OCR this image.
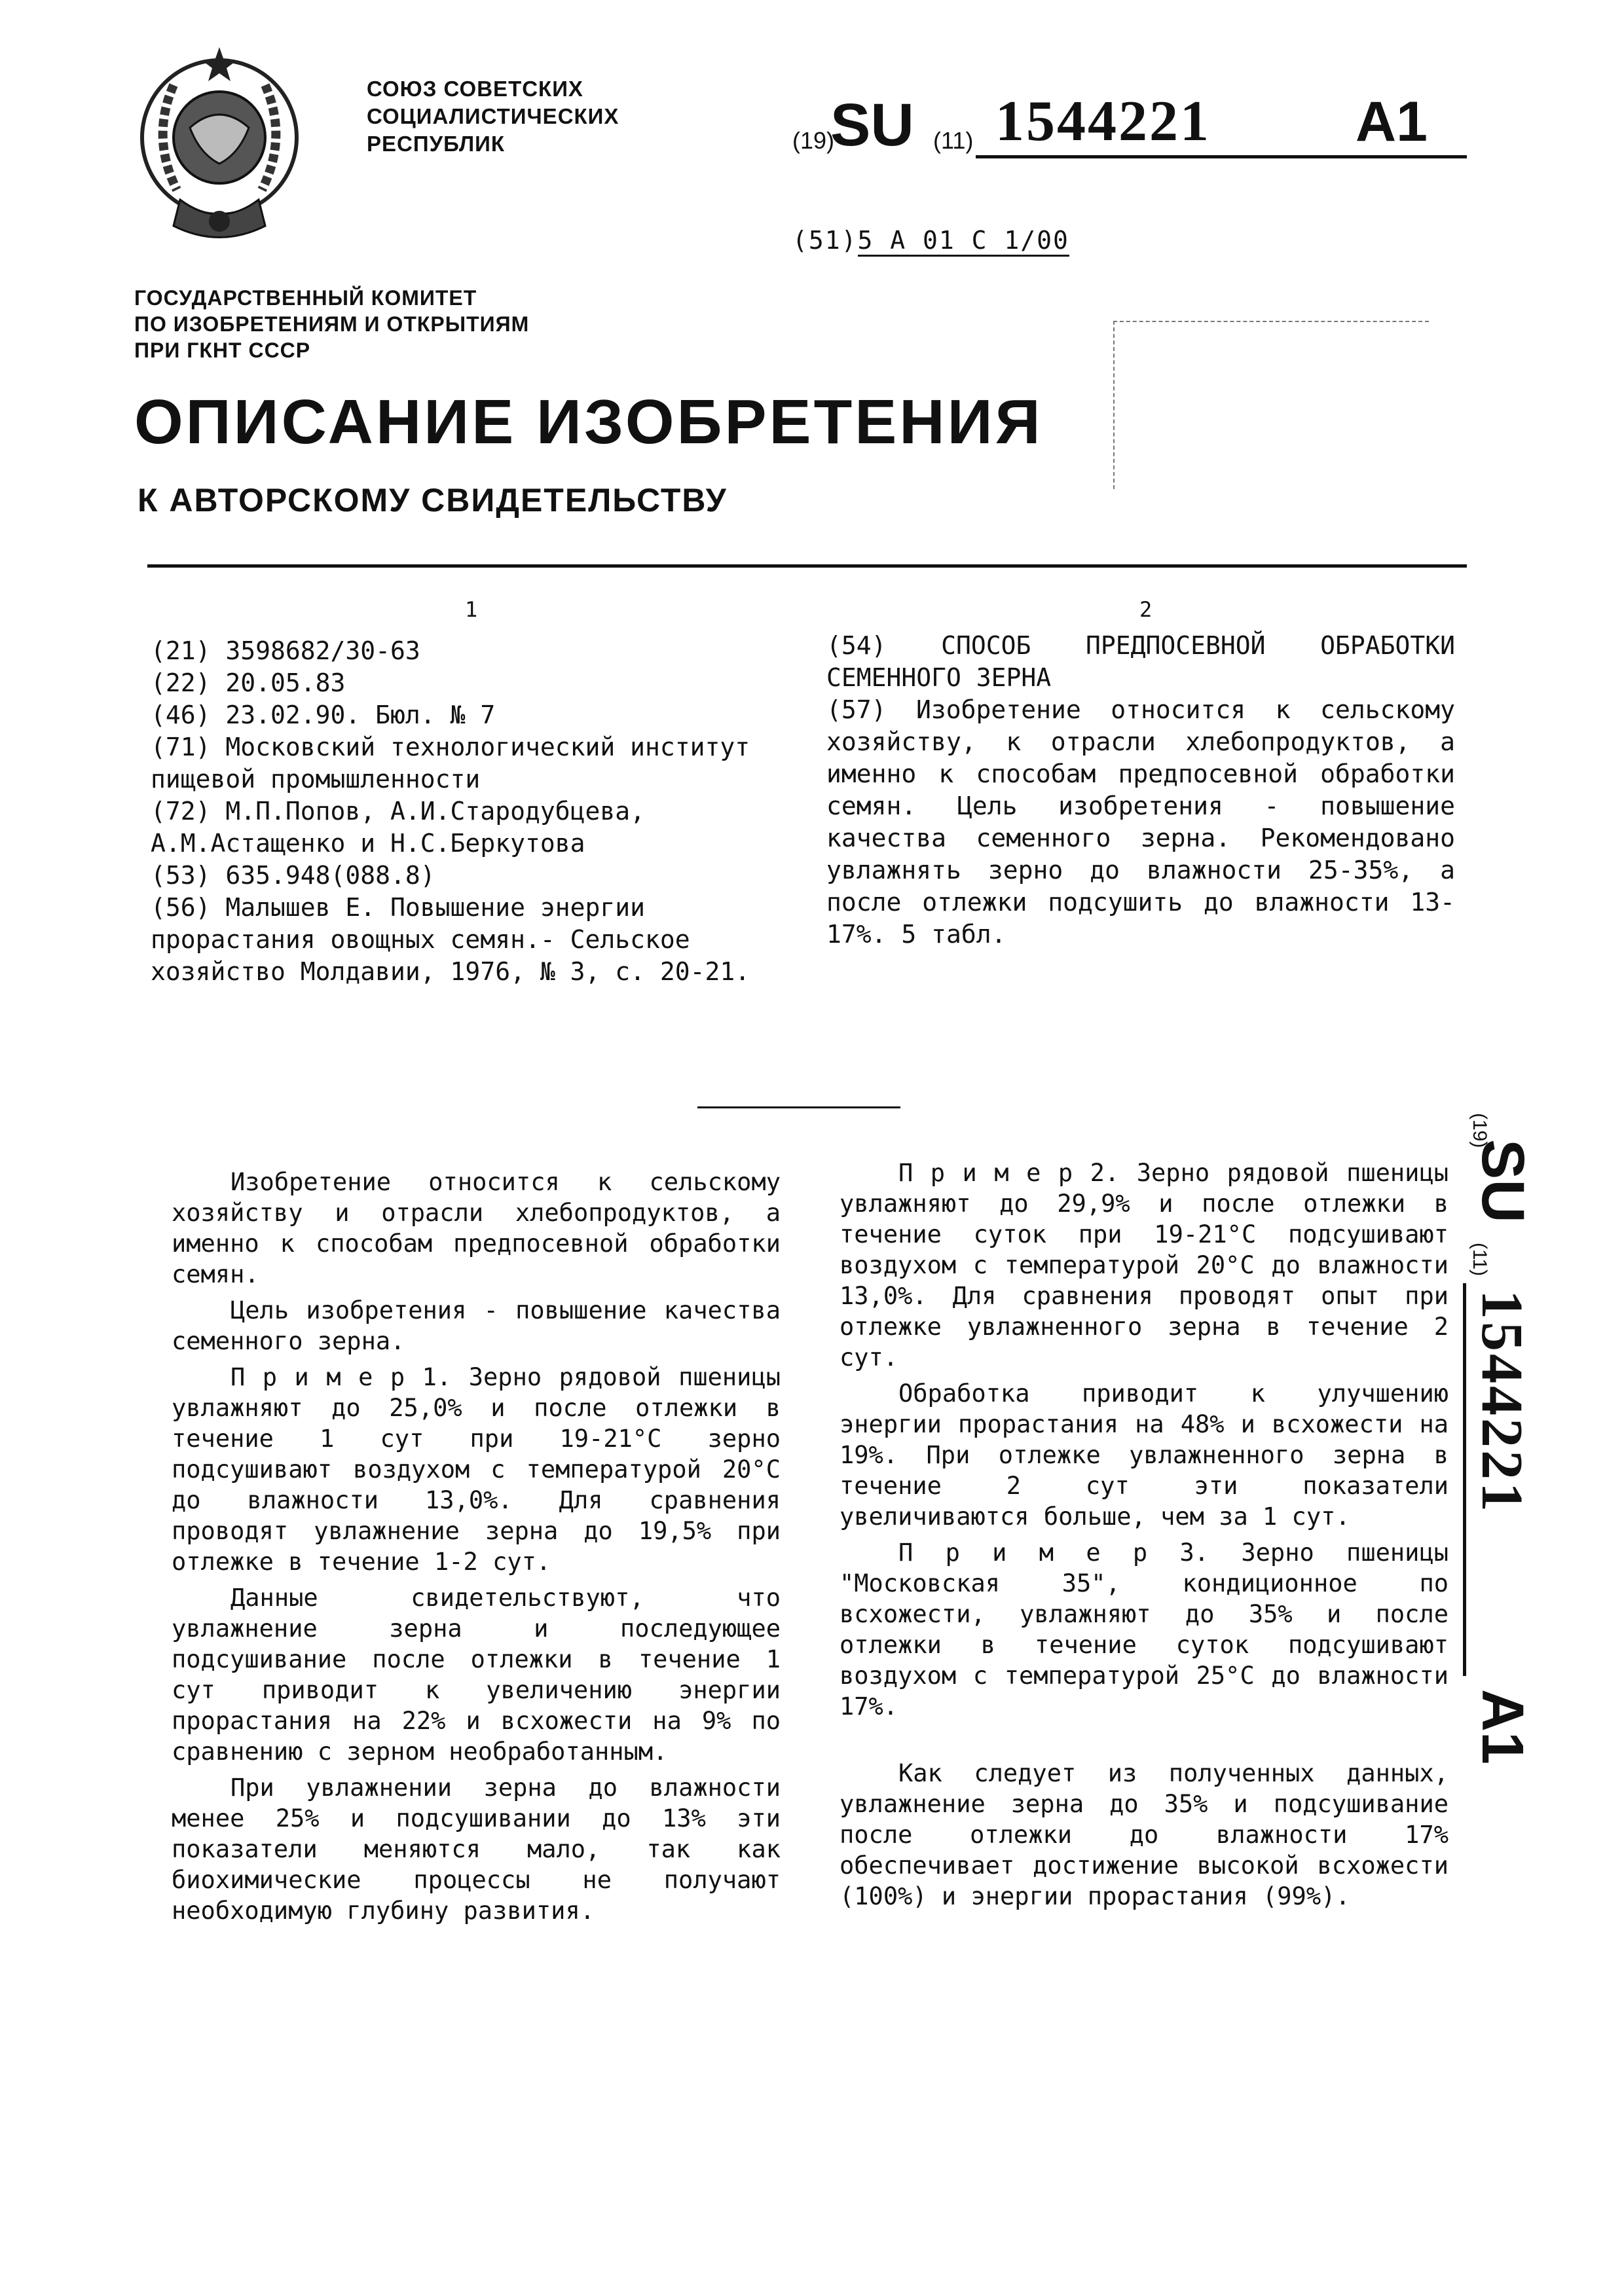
СОЮЗ СОВЕТСКИХ
СОЦИАЛИСТИЧЕСКИХ
РЕСПУБЛИК	(19)
SU (11) 1544221	A1
(51)5 А 01 С 1/00
ГОСУДАРСТВЕННЫЙ КОМИТЕТ
ПО ИЗОБРЕТЕНИЯМ И ОТКРЫТИЯМ
ПРИ ГКНТ СССР

ОПИСАНИЕ ИЗОБРЕТЕНИЯ
К АВТОРСКОМУ СВИДЕТЕЛЬСТВУ
1	2

(21) 3598682/30-63

(22) 20.05.83

(46) 23.02.90. Бюл. № 7

(71) Московский технологический институт пищевой промышленности

(72) М.П.Попов, А.И.Стародубцева, А.М.Астащенко и Н.С.Беркутова

(53) 635.948(088.8)

(56) Малышев Е. Повышение энергии прорастания овощных семян.- Сельское хозяйство Молдавии, 1976, № 3, с. 20-21.

(54) СПОСОБ ПРЕДПОСЕВНОЙ ОБРАБОТКИ СЕМЕННОГО ЗЕРНА

(57) Изобретение относится к сельскому хозяйству, к отрасли хлебопродуктов, а именно к способам предпосевной обработки семян. Цель изобретения - повышение качества семенного зерна. Рекомендовано увлажнять зерно до влажности 25-35%, а после отлежки подсушить до влажности 13-17%. 5 табл.

Изобретение относится к сельскому хозяйству и отрасли хлебопродуктов, а именно к способам предпосевной обработки семян.

Цель изобретения - повышение качества семенного зерна.

П р и м е р 1. Зерно рядовой пшеницы увлажняют до 25,0% и после отлежки в течение 1 сут при 19-21°С зерно подсушивают воздухом с температурой 20°С до влажности 13,0%. Для сравнения проводят увлажнение зерна до 19,5% при отлежке в течение 1-2 сут.

Данные свидетельствуют, что увлажнение зерна и последующее подсушивание после отлежки в течение 1 сут приводит к увеличению энергии прорастания на 22% и всхожести на 9% по сравнению с зерном необработанным.

При увлажнении зерна до влажности менее 25% и подсушивании до 13% эти показатели меняются мало, так как биохимические процессы не получают необходимую глубину развития.

П р и м е р 2. Зерно рядовой пшеницы увлажняют до 29,9% и после отлежки в течение суток при 19-21°С подсушивают воздухом с температурой 20°С до влажности 13,0%. Для сравнения проводят опыт при отлежке увлажненного зерна в течение 2 сут.

Обработка приводит к улучшению энергии прорастания на 48% и всхожести на 19%. При отлежке увлажненного зерна в течение 2 сут эти показатели увеличиваются больше, чем за 1 сут.

П р и м е р 3. Зерно пшеницы "Московская 35", кондиционное по всхожести, увлажняют до 35% и после отлежки в течение суток подсушивают воздухом с температурой 25°С до влажности 17%.

Как следует из полученных данных, увлажнение зерна до 35% и подсушивание после отлежки до влажности 17% обеспечивает достижение высокой всхожести (100%) и энергии прорастания (99%).

(19)
SU
(11)
1544221
A1
